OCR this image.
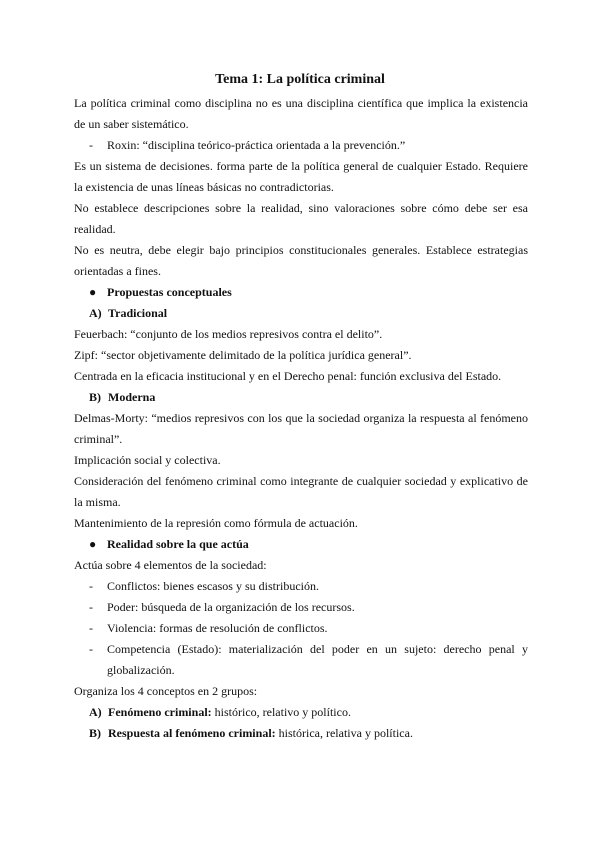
Tema 1: La política criminal
La política criminal como disciplina no es una disciplina científica que implica la existencia
de un saber sistemático.
-	Roxin: “disciplina teórico-práctica orientada a la prevención.”
Es un sistema de decisiones. forma parte de la política general de cualquier Estado. Requiere
la existencia de unas líneas básicas no contradictorias.
No establece descripciones sobre la realidad, sino valoraciones sobre cómo debe ser esa
realidad.
No es neutra, debe elegir bajo principios constitucionales generales. Establece estrategias
orientadas a fines.
● Propuestas conceptuales
A) Tradicional
Feuerbach: “conjunto de los medios represivos contra el delito”.
Zipf: “sector objetivamente delimitado de la política jurídica general”.
Centrada en la eficacia institucional y en el Derecho penal: función exclusiva del Estado.
B) Moderna
Delmas-Morty: “medios represivos con los que la sociedad organiza la respuesta al fenómeno
criminal”.
Implicación social y colectiva.
Consideración del fenómeno criminal como integrante de cualquier sociedad y explicativo de
la misma.
Mantenimiento de la represión como fórmula de actuación.
● Realidad sobre la que actúa
Actúa sobre 4 elementos de la sociedad:
-	Conflictos: bienes escasos y su distribución.
-	Poder: búsqueda de la organización de los recursos.
-	Violencia: formas de resolución de conflictos.
-	Competencia (Estado): materialización del poder en un sujeto: derecho penal y
globalización.
Organiza los 4 conceptos en 2 grupos:
A) Fenómeno criminal: histórico, relativo y político.
B) Respuesta al fenómeno criminal: histórica, relativa y política.
